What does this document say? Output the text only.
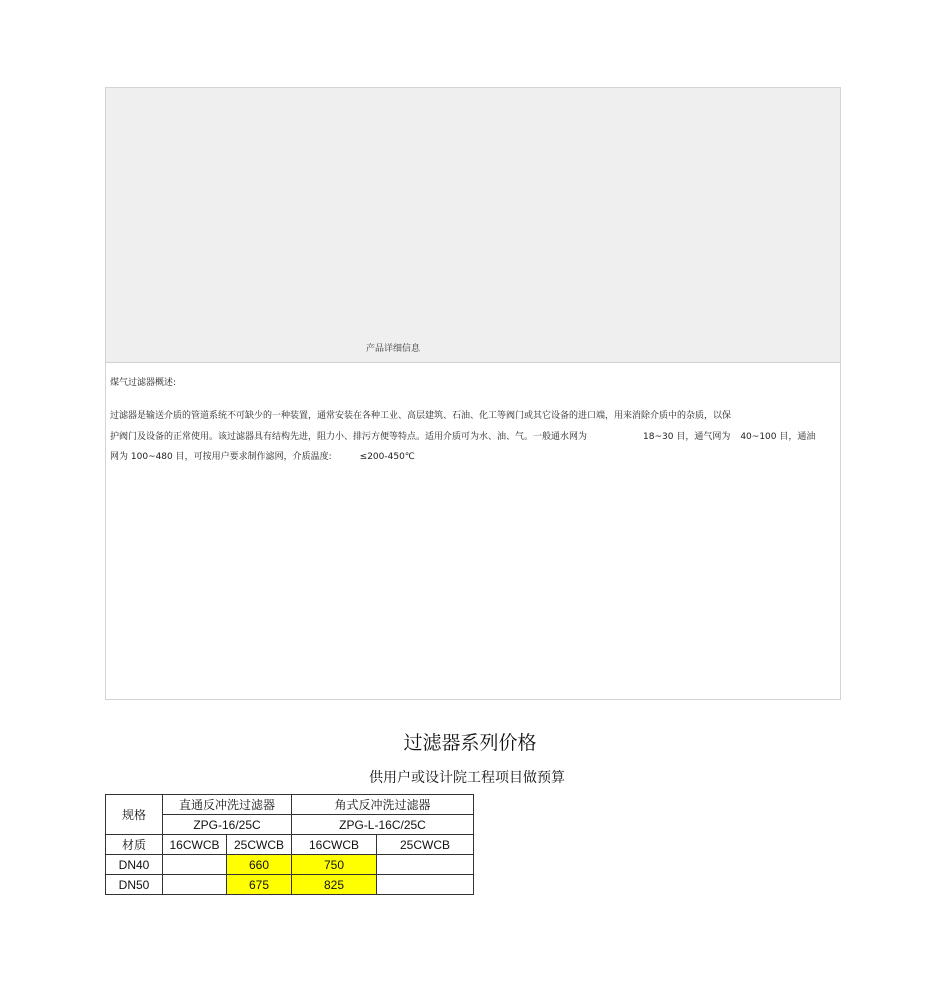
产品详细信息
煤气过滤器概述:
过滤器是输送介质的管道系统不可缺少的一种装置，通常安装在各种工业、高层建筑、石油、化工等阀门或其它设备的进口端，用来消除介质中的杂质，以保
护阀门及设备的正常使用。该过滤器具有结构先进，阻力小、排污方便等特点。适用介质可为水、油、气。一般通水网为	18~30 目，通气网为 40~100 目，通油
网为 100~480 目，可按用户要求制作滤网，介质温度:	≤200-450℃
过滤器系列价格
供用户或设计院工程项目做预算
规格	直通反冲洗过滤器		角式反冲洗过滤器	
	ZPG-16/25C		ZPG-L-16C/25C	
材质	16CWCB	25CWCB	16CWCB	25CWCB
DN40		660	750	
DN50		675	825	
